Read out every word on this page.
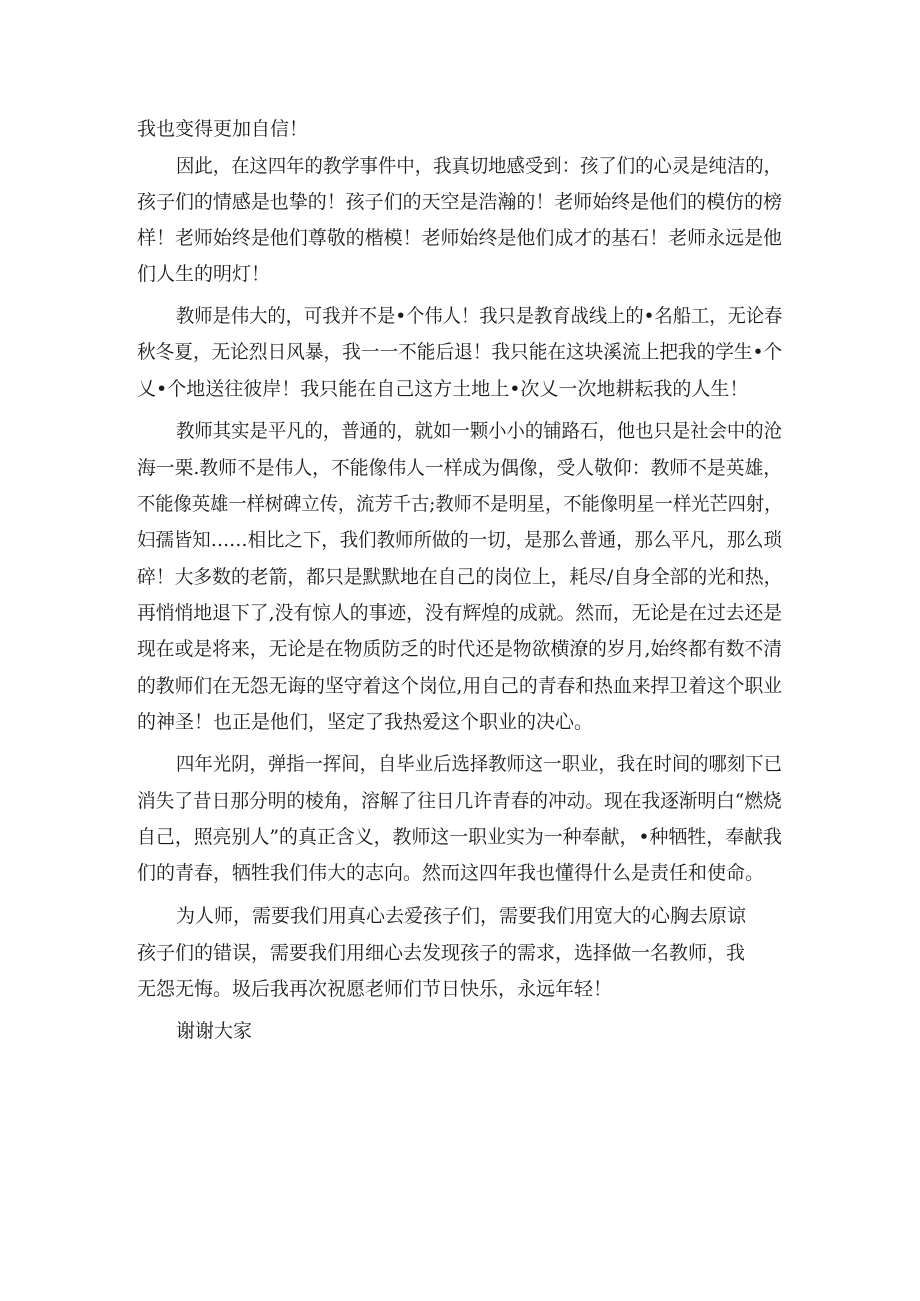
我也变得更加自信！

因此，在这四年的教学事件中，我真切地感受到：孩了们的心灵是纯洁的，

孩子们的情感是也挚的！孩子们的天空是浩瀚的！老师始终是他们的模仿的榜

样！老师始终是他们尊敬的楷模！老师始终是他们成才的基石！老师永远是他

们人生的明灯！

教师是伟大的，可我并不是•个伟人！我只是教育战线上的•名船工，无论春

秋冬夏，无论烈日风暴，我一一不能后退！我只能在这块溪流上把我的学生•个

乂•个地送往彼岸！我只能在自己这方土地上•次乂一次地耕耘我的人生！

教师其实是平凡的，普通的，就如一颗小小的铺路石，他也只是社会中的沧

海一栗.教师不是伟人，不能像伟人一样成为偶像，受人敬仰：教师不是英雄，

不能像英雄一样树碑立传，流芳千古;教师不是明星，不能像明星一样光芒四射，

妇孺皆知……相比之下，我们教师所做的一切，是那么普通，那么平凡，那么琐

碎！大多数的老箭，都只是默默地在自己的岗位上，耗尽/自身全部的光和热，

再悄悄地退下了,没有惊人的事迹，没有辉煌的成就。然而，无论是在过去还是

现在或是将来，无论是在物质防乏的时代还是物欲横潦的岁月,始终都有数不清

的教师们在无怨无诲的坚守着这个岗位,用自己的青春和热血来捍卫着这个职业

的神圣！也正是他们，坚定了我热爱这个职业的决心。

四年光阴，弹指一挥间，自毕业后选择教师这一职业，我在时间的哪刻下已

消失了昔日那分明的棱角，溶解了往日几许青春的冲动。现在我逐渐明白“燃烧

自己，照亮别人”的真正含义，教师这一职业实为一种奉献，•种牺牲，奉献我

们的青春，牺牲我们伟大的志向。然而这四年我也懂得什么是责任和使命。

为人师，需要我们用真心去爱孩子们，需要我们用宽大的心胸去原谅

孩子们的错误，需要我们用细心去发现孩子的需求，选择做一名教师，我

无怨无悔。圾后我再次祝愿老师们节日快乐，永远年轻！

谢谢大家
